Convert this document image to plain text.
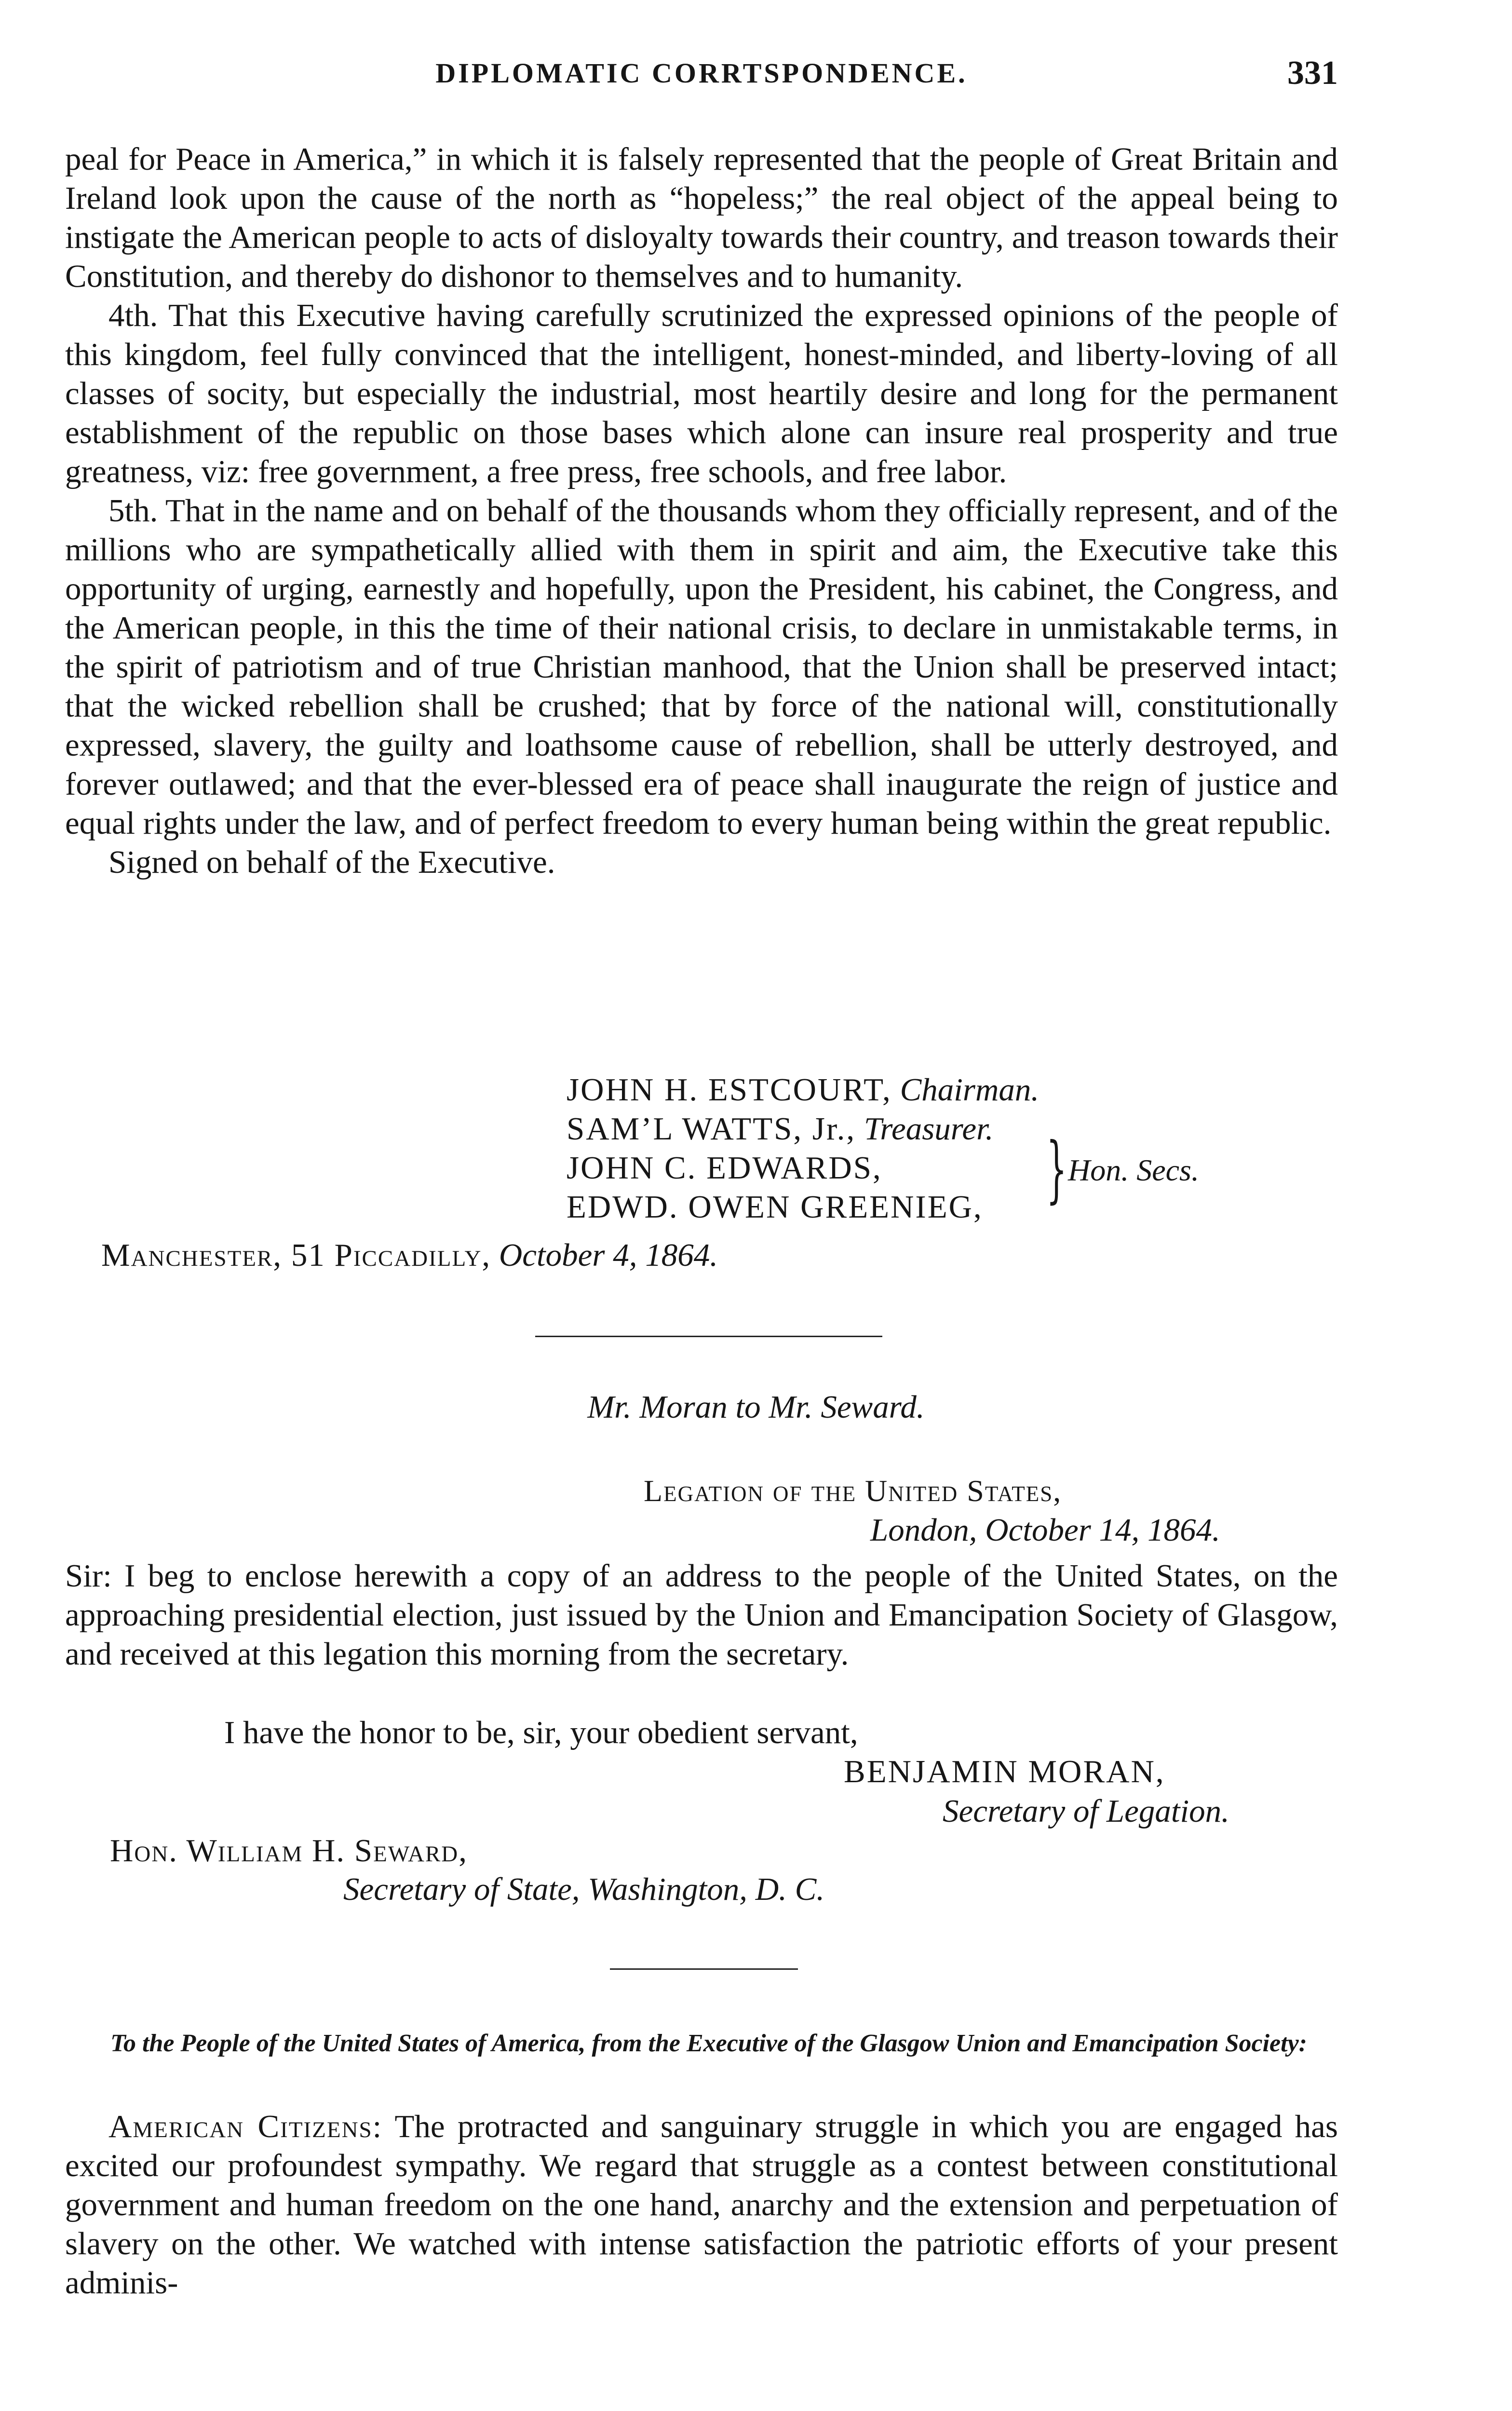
DIPLOMATIC CORRTSPONDENCE.	331

peal for Peace in America,” in which it is falsely represented that the people of Great Britain and Ireland look upon the cause of the north as “hopeless;” the real object of the appeal being to instigate the American people to acts of disloyalty towards their country, and treason towards their Constitution, and thereby do dishonor to themselves and to humanity.

4th. That this Executive having carefully scrutinized the expressed opinions of the people of this kingdom, feel fully convinced that the intelligent, honest-minded, and liberty-loving of all classes of socity, but especially the industrial, most heartily desire and long for the permanent establishment of the republic on those bases which alone can insure real prosperity and true greatness, viz: free government, a free press, free schools, and free labor.

5th. That in the name and on behalf of the thousands whom they officially represent, and of the millions who are sympathetically allied with them in spirit and aim, the Executive take this opportunity of urging, earnestly and hopefully, upon the President, his cabinet, the Congress, and the American people, in this the time of their national crisis, to declare in unmistakable terms, in the spirit of patriotism and of true Christian manhood, that the Union shall be preserved intact; that the wicked rebellion shall be crushed; that by force of the national will, constitutionally expressed, slavery, the guilty and loathsome cause of rebellion, shall be utterly destroyed, and forever outlawed; and that the ever-blessed era of peace shall inaugurate the reign of justice and equal rights under the law, and of perfect freedom to every human being within the great republic.

Signed on behalf of the Executive.

JOHN H. ESTCOURT, Chairman.
SAM’L WATTS, Jr., Treasurer.
JOHN C. EDWARDS,
EDWD. OWEN GREENIEG, } Hon. Secs.
Manchester, 51 Piccadilly, October 4, 1864.
Mr. Moran to Mr. Seward.
Legation of the United States,
London, October 14, 1864.

Sir: I beg to enclose herewith a copy of an address to the people of the United States, on the approaching presidential election, just issued by the Union and Emancipation Society of Glasgow, and received at this legation this morning from the secretary.

I have the honor to be, sir, your obedient servant,
BENJAMIN MORAN,
Secretary of Legation.
Hon. William H. Seward,
Secretary of State, Washington, D. C.
To the People of the United States of America, from the Executive of the Glasgow Union and Emancipation Society:

American Citizens: The protracted and sanguinary struggle in which you are engaged has excited our profoundest sympathy. We regard that struggle as a contest between constitutional government and human freedom on the one hand, anarchy and the extension and perpetuation of slavery on the other. We watched with intense satisfaction the patriotic efforts of your present adminis-
